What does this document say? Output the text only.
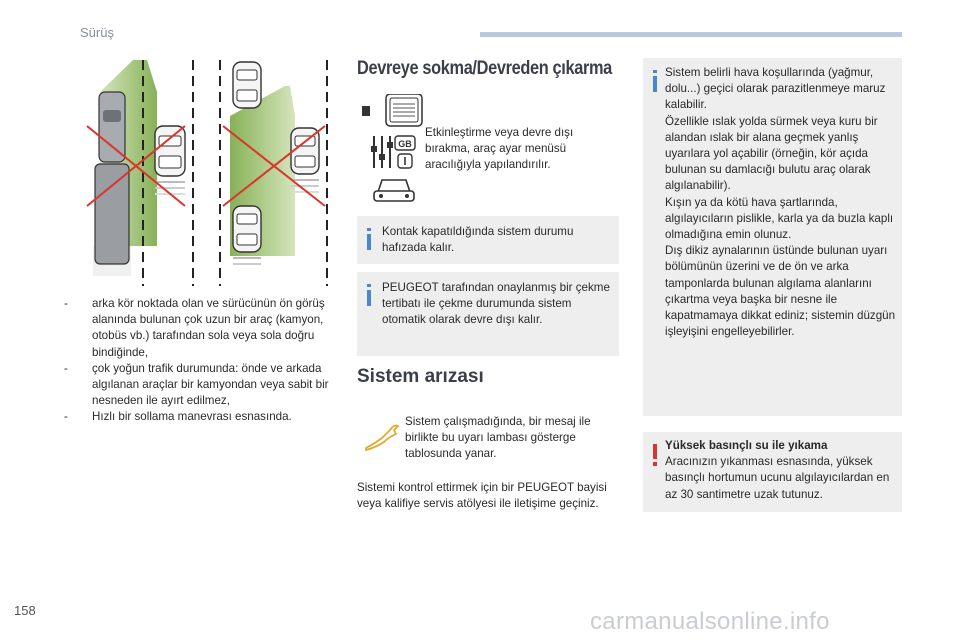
Sürüş
- arka kör noktada olan ve sürücünün ön görüş alanında bulunan çok uzun bir araç (kamyon, otobüs vb.) tarafından sola veya sola doğru bindiğinde,
- çok yoğun trafik durumunda: önde ve arkada algılanan araçlar bir kamyondan veya sabit bir nesneden ile ayırt edilmez,
- Hızlı bir sollama manevrası esnasında.
Devreye sokma/Devreden çıkarma
GB

Etkinleştirme veya devre dışı bırakma, araç ayar menüsü aracılığıyla yapılandırılır.

Kontak kapatıldığında sistem durumu hafızada kalır.

PEUGEOT tarafından onaylanmış bir çekme tertibatı ile çekme durumunda sistem otomatik olarak devre dışı kalır.

Sistem arızası

Sistem çalışmadığında, bir mesaj ile birlikte bu uyarı lambası gösterge tablosunda yanar.

Sistemi kontrol ettirmek için bir PEUGEOT bayisi veya kalifiye servis atölyesi ile iletişime geçiniz.

Sistem belirli hava koşullarında (yağmur, dolu...) geçici olarak parazitlenmeye maruz kalabilir.
Özellikle ıslak yolda sürmek veya kuru bir alandan ıslak bir alana geçmek yanlış uyarılara yol açabilir (örneğin, kör açıda bulunan su damlacığı bulutu araç olarak algılanabilir).
Kışın ya da kötü hava şartlarında, algılayıcıların pislikle, karla ya da buzla kaplı olmadığına emin olunuz.
Dış dikiz aynalarının üstünde bulunan uyarı bölümünün üzerini ve de ön ve arka tamponlarda bulunan algılama alanlarını çıkartma veya başka bir nesne ile kapatmamaya dikkat ediniz; sistemin düzgün işleyişini engelleyebilirler.

Yüksek basınçlı su ile yıkama
Aracınızın yıkanması esnasında, yüksek basınçlı hortumun ucunu algılayıcılardan en az 30 santimetre uzak tutunuz.

158	carmanualsonline.info
